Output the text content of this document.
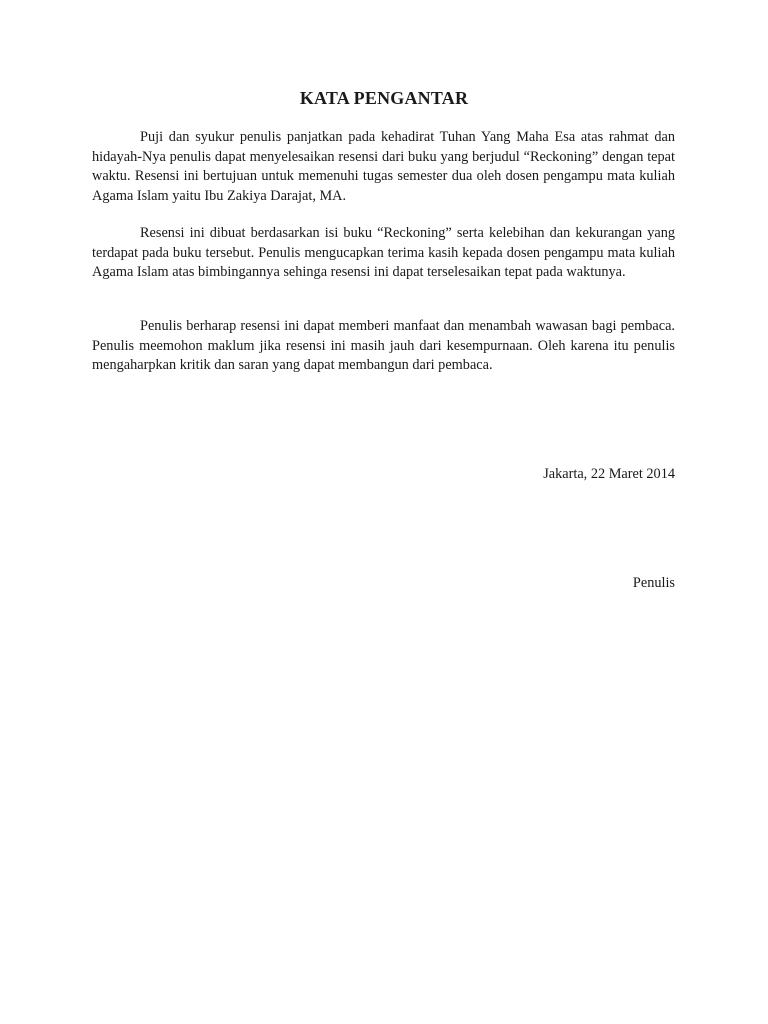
KATA PENGANTAR

Puji dan syukur penulis panjatkan pada kehadirat Tuhan Yang Maha Esa atas rahmat dan hidayah-Nya penulis dapat menyelesaikan resensi dari buku yang berjudul “Reckoning” dengan tepat waktu. Resensi ini bertujuan untuk memenuhi tugas semester dua oleh dosen pengampu mata kuliah Agama Islam yaitu Ibu Zakiya Darajat, MA.

Resensi ini dibuat berdasarkan isi buku “Reckoning” serta kelebihan dan kekurangan yang terdapat pada buku tersebut. Penulis mengucapkan terima kasih kepada dosen pengampu mata kuliah Agama Islam atas bimbingannya sehinga resensi ini dapat terselesaikan tepat pada waktunya.

Penulis berharap resensi ini dapat memberi manfaat dan menambah wawasan bagi pembaca. Penulis meemohon maklum jika resensi ini masih jauh dari kesempurnaan. Oleh karena itu penulis mengaharpkan kritik dan saran yang dapat membangun dari pembaca.

Jakarta, 22 Maret 2014

Penulis
